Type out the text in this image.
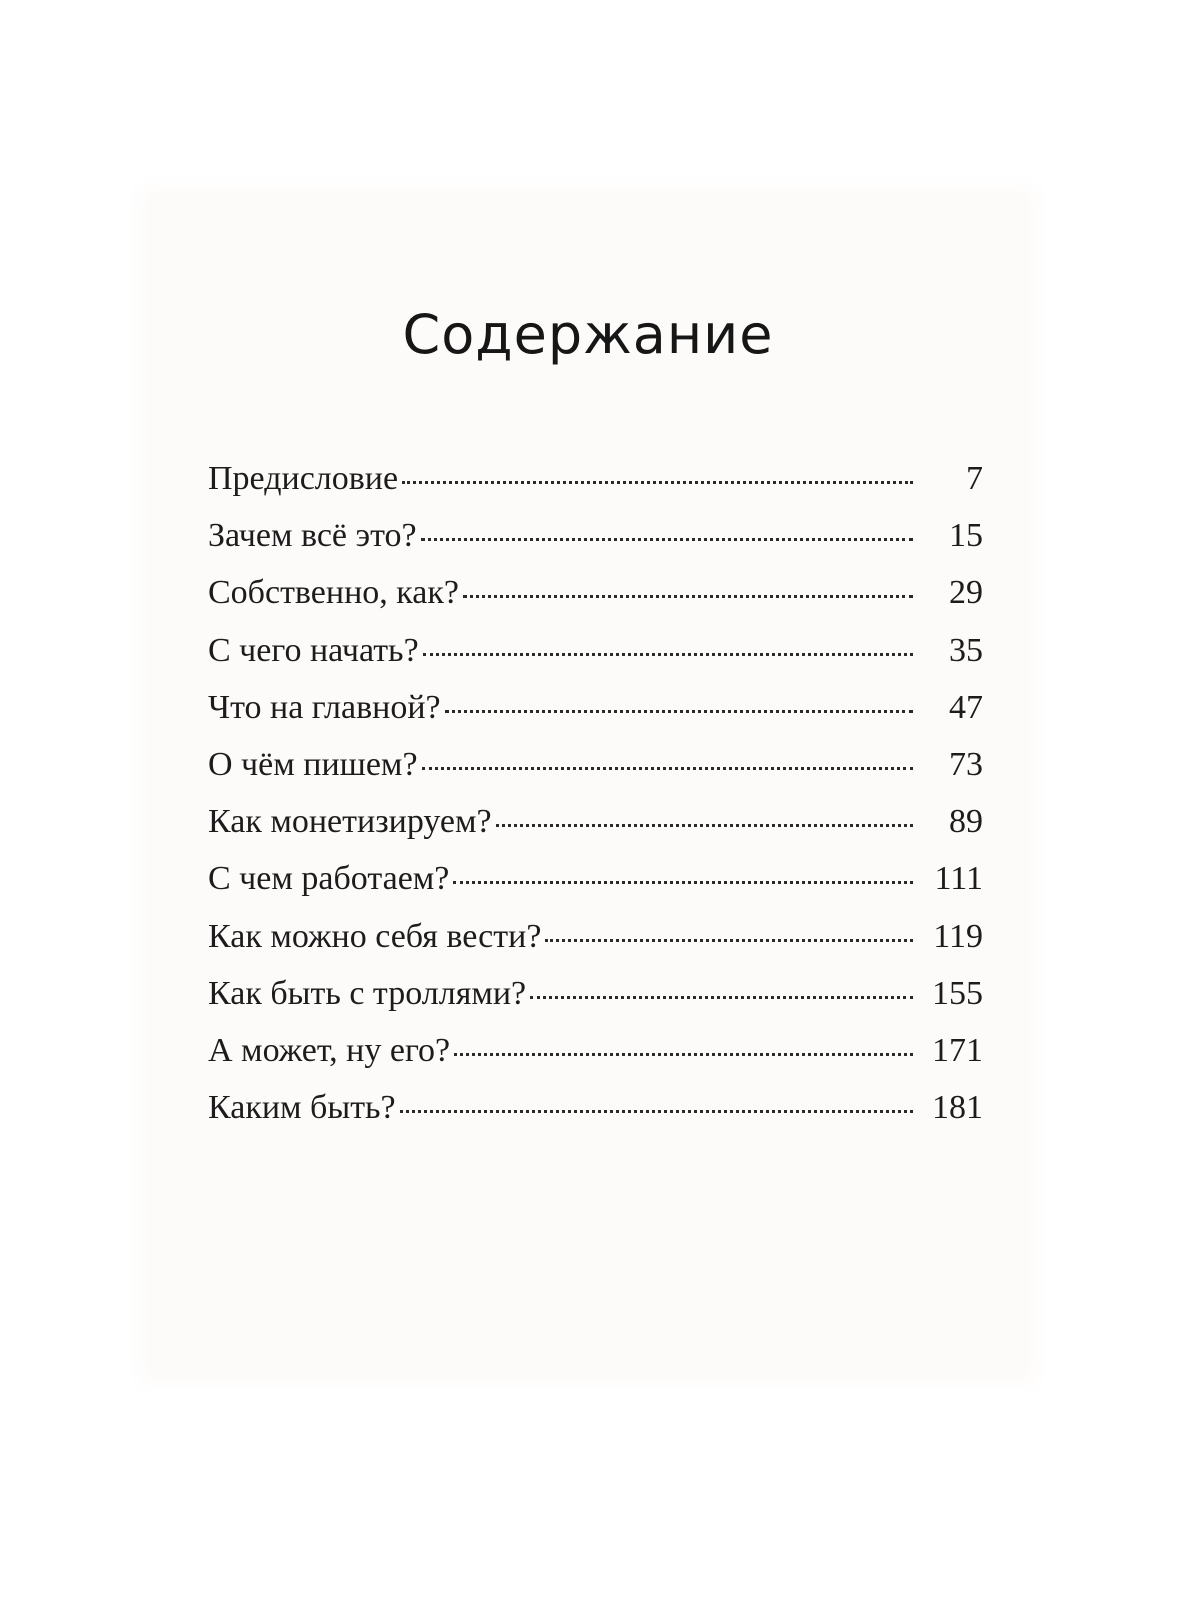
Содержание
Предисловие	7
Зачем всё это?	15
Собственно, как?	29
С чего начать?	35
Что на главной?	47
О чём пишем?	73
Как монетизируем?	89
С чем работаем?	111
Как можно себя вести?	119
Как быть с троллями?	155
А может, ну его?	171
Каким быть?	181
